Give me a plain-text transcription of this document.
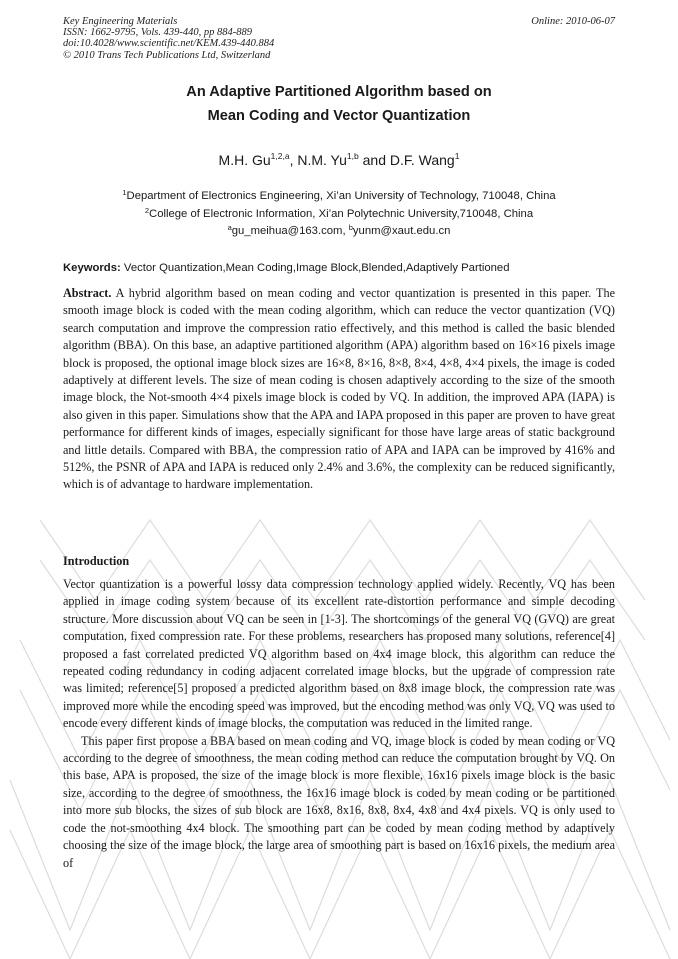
Key Engineering Materials
ISSN: 1662-9795, Vols. 439-440, pp 884-889
doi:10.4028/www.scientific.net/KEM.439-440.884
© 2010 Trans Tech Publications Ltd, Switzerland
Online: 2010-06-07
An Adaptive Partitioned Algorithm based on
Mean Coding and Vector Quantization
M.H. Gu$^{1,2,a}$, N.M. Yu$^{1,b}$ and D.F. Wang$^1$
$^1$Department of Electronics Engineering, Xi’an University of Technology, 710048, China
$^2$College of Electronic Information, Xi’an Polytechnic University,710048, China
$^a$gu_meihua@163.com, $^b$yunm@xaut.edu.cn
Keywords: Vector Quantization,Mean Coding,Image Block,Blended,Adaptively Partioned
Abstract. A hybrid algorithm based on mean coding and vector quantization is presented in this paper. The smooth image block is coded with the mean coding algorithm, which can reduce the vector quantization (VQ) search computation and improve the compression ratio effectively, and this method is called the basic blended algorithm (BBA). On this base, an adaptive partitioned algorithm (APA) algorithm based on 16×16 pixels image block is proposed, the optional image block sizes are 16×8, 8×16, 8×8, 8×4, 4×8, 4×4 pixels, the image is coded adaptively at different levels. The size of mean coding is chosen adaptively according to the size of the smooth image block, the Not-smooth 4×4 pixels image block is coded by VQ. In addition, the improved APA (IAPA) is also given in this paper. Simulations show that the APA and IAPA proposed in this paper are proven to have great performance for different kinds of images, especially significant for those have large areas of static background and little details. Compared with BBA, the compression ratio of APA and IAPA can be improved by 416% and 512%, the PSNR of APA and IAPA is reduced only 2.4% and 3.6%, the complexity can be reduced significantly, which is of advantage to hardware implementation.
Introduction

Vector quantization is a powerful lossy data compression technology applied widely. Recently, VQ has been applied in image coding system because of its excellent rate-distortion performance and simple decoding structure. More discussion about VQ can be seen in [1-3]. The shortcomings of the general VQ (GVQ) are great computation, fixed compression rate. For these problems, researchers has proposed many solutions, reference[4] proposed a fast correlated predicted VQ algorithm based on 4x4 image block, this algorithm can reduce the repeated coding redundancy in coding adjacent correlated image blocks, but the upgrade of compression rate was limited; reference[5] proposed a predicted algorithm based on 8x8 image block, the compression rate was improved more while the encoding speed was improved, but the encoding method was only VQ, VQ was used to encode every different kinds of image blocks, the computation was reduced in the limited range.

This paper first propose a BBA based on mean coding and VQ, image block is coded by mean coding or VQ according to the degree of smoothness, the mean coding method can reduce the computation brought by VQ. On this base, APA is proposed, the size of the image block is more flexible, 16x16 pixels image block is the basic size, according to the degree of smoothness, the 16x16 image block is coded by mean coding or be partitioned into more sub blocks, the sizes of sub block are 16x8, 8x16, 8x8, 8x4, 4x8 and 4x4 pixels. VQ is only used to code the not-smoothing 4x4 block. The smoothing part can be coded by mean coding method by adaptively choosing the size of the image block, the large area of smoothing part is based on 16x16 pixels, the medium area of
